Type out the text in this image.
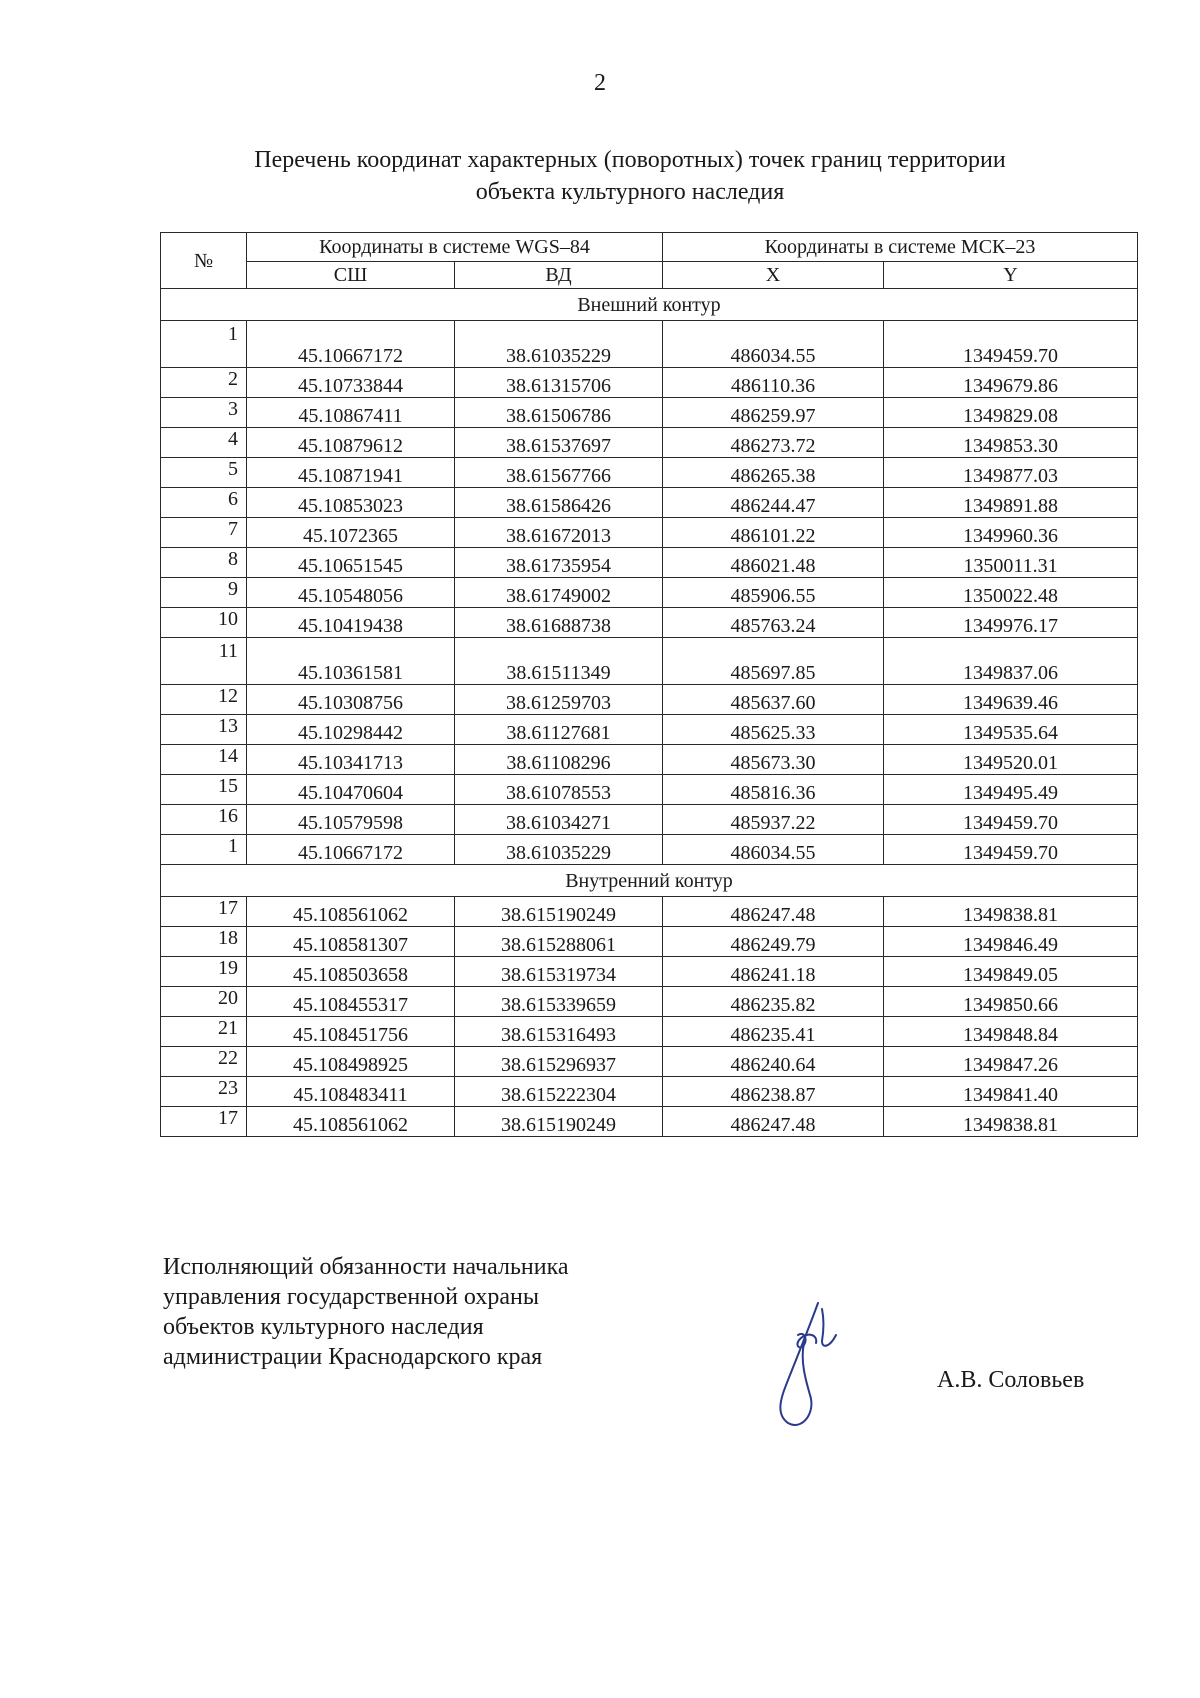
2
Перечень координат характерных (поворотных) точек границ территории
объекта культурного наследия
№	Координаты в системе WGS–84		Координаты в системе МСК–23	
	СШ	ВД	X	Y
Внешний контур				
1	45.10667172	38.61035229	486034.55	1349459.70
2	45.10733844	38.61315706	486110.36	1349679.86
3	45.10867411	38.61506786	486259.97	1349829.08
4	45.10879612	38.61537697	486273.72	1349853.30
5	45.10871941	38.61567766	486265.38	1349877.03
6	45.10853023	38.61586426	486244.47	1349891.88
7	45.1072365	38.61672013	486101.22	1349960.36
8	45.10651545	38.61735954	486021.48	1350011.31
9	45.10548056	38.61749002	485906.55	1350022.48
10	45.10419438	38.61688738	485763.24	1349976.17
11	45.10361581	38.61511349	485697.85	1349837.06
12	45.10308756	38.61259703	485637.60	1349639.46
13	45.10298442	38.61127681	485625.33	1349535.64
14	45.10341713	38.61108296	485673.30	1349520.01
15	45.10470604	38.61078553	485816.36	1349495.49
16	45.10579598	38.61034271	485937.22	1349459.70
1	45.10667172	38.61035229	486034.55	1349459.70
Внутренний контур				
17	45.108561062	38.615190249	486247.48	1349838.81
18	45.108581307	38.615288061	486249.79	1349846.49
19	45.108503658	38.615319734	486241.18	1349849.05
20	45.108455317	38.615339659	486235.82	1349850.66
21	45.108451756	38.615316493	486235.41	1349848.84
22	45.108498925	38.615296937	486240.64	1349847.26
23	45.108483411	38.615222304	486238.87	1349841.40
17	45.108561062	38.615190249	486247.48	1349838.81
Исполняющий обязанности начальника
управления государственной охраны
объектов культурного наследия
администрации Краснодарского края
А.В. Соловьев
